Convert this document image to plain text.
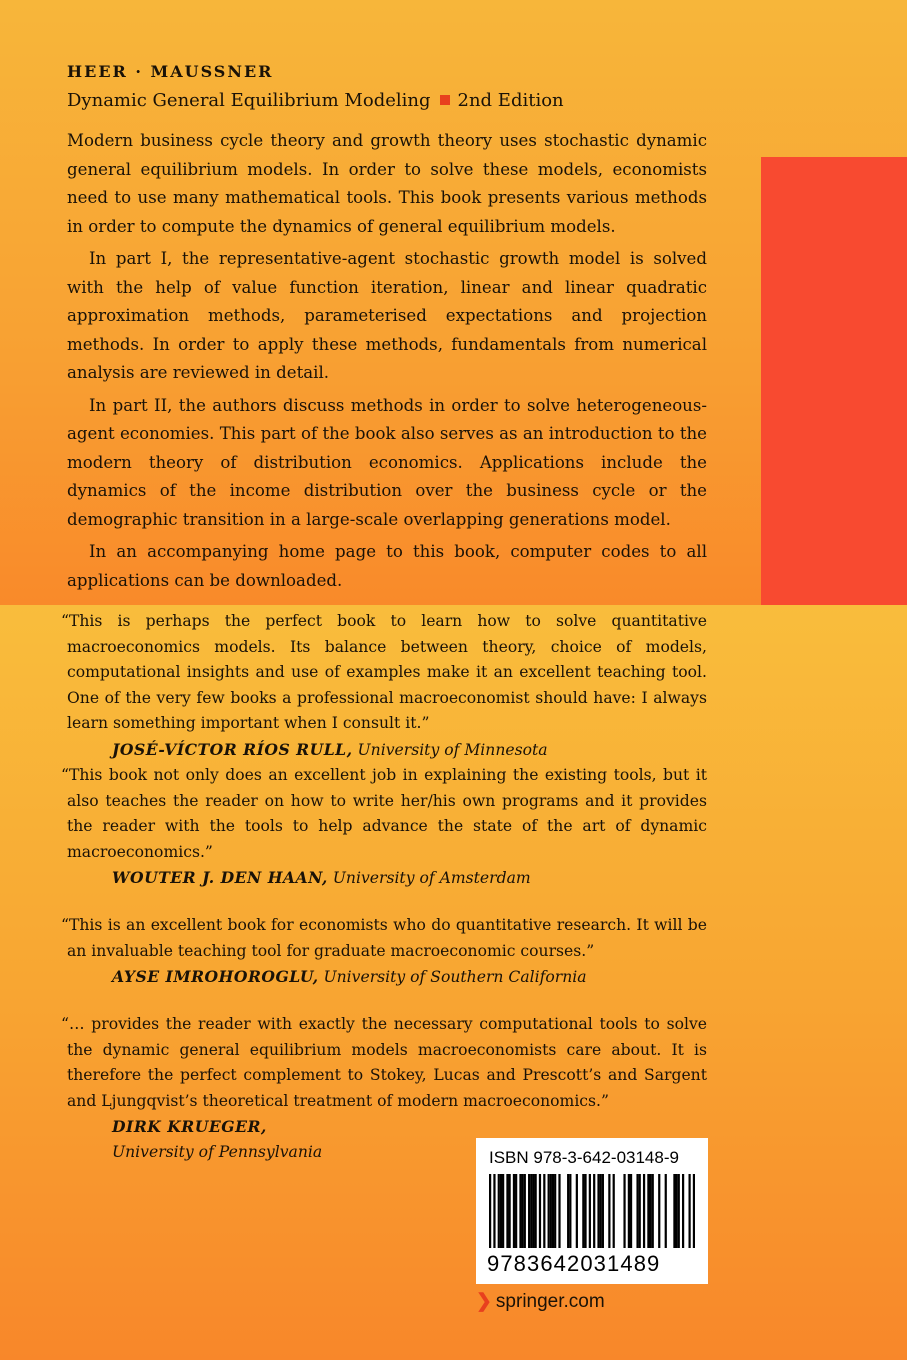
HEER · MAUSSNER
Dynamic General Equilibrium Modeling 2nd Edition

Modern business cycle theory and growth theory uses stochastic dynamic general equilibrium models. In order to solve these models, economists need to use many mathematical tools. This book presents various methods in order to compute the dynamics of general equilibrium models.

In part I, the representative-agent stochastic growth model is solved with the help of value function iteration, linear and linear quadratic approximation methods, parameterised expectations and projection methods. In order to apply these methods, fundamentals from numerical analysis are reviewed in detail.

In part II, the authors discuss methods in order to solve heterogeneous-agent economies. This part of the book also serves as an introduction to the modern theory of distribution economics. Applications include the dynamics of the income distribution over the business cycle or the demographic transition in a large-scale overlapping generations model.

In an accompanying home page to this book, computer codes to all applications can be downloaded.

“This is perhaps the perfect book to learn how to solve quantitative macroeconomics models. Its balance between theory, choice of models, computational insights and use of examples make it an excellent teaching tool. One of the very few books a professional macroeconomist should have: I always learn something important when I consult it.”
JOSÉ-VÍCTOR RÍOS RULL, University of Minnesota
“This book not only does an excellent job in explaining the existing tools, but it also teaches the reader on how to write her/his own programs and it provides the reader with the tools to help advance the state of the art of dynamic macroeconomics.”
WOUTER J. DEN HAAN, University of Amsterdam
“This is an excellent book for economists who do quantitative research. It will be an invaluable teaching tool for graduate macroeconomic courses.”
AYSE IMROHOROGLU, University of Southern California
“… provides the reader with exactly the necessary computational tools to solve the dynamic general equilibrium models macroeconomists care about. It is therefore the perfect complement to Stokey, Lucas and Prescott’s and Sargent and Ljungqvist’s theoretical treatment of modern macroeconomics.”
DIRK KRUEGER,
University of Pennsylvania	ISBN 978-3-642-03148-9
9783642031489
❯ springer.com
